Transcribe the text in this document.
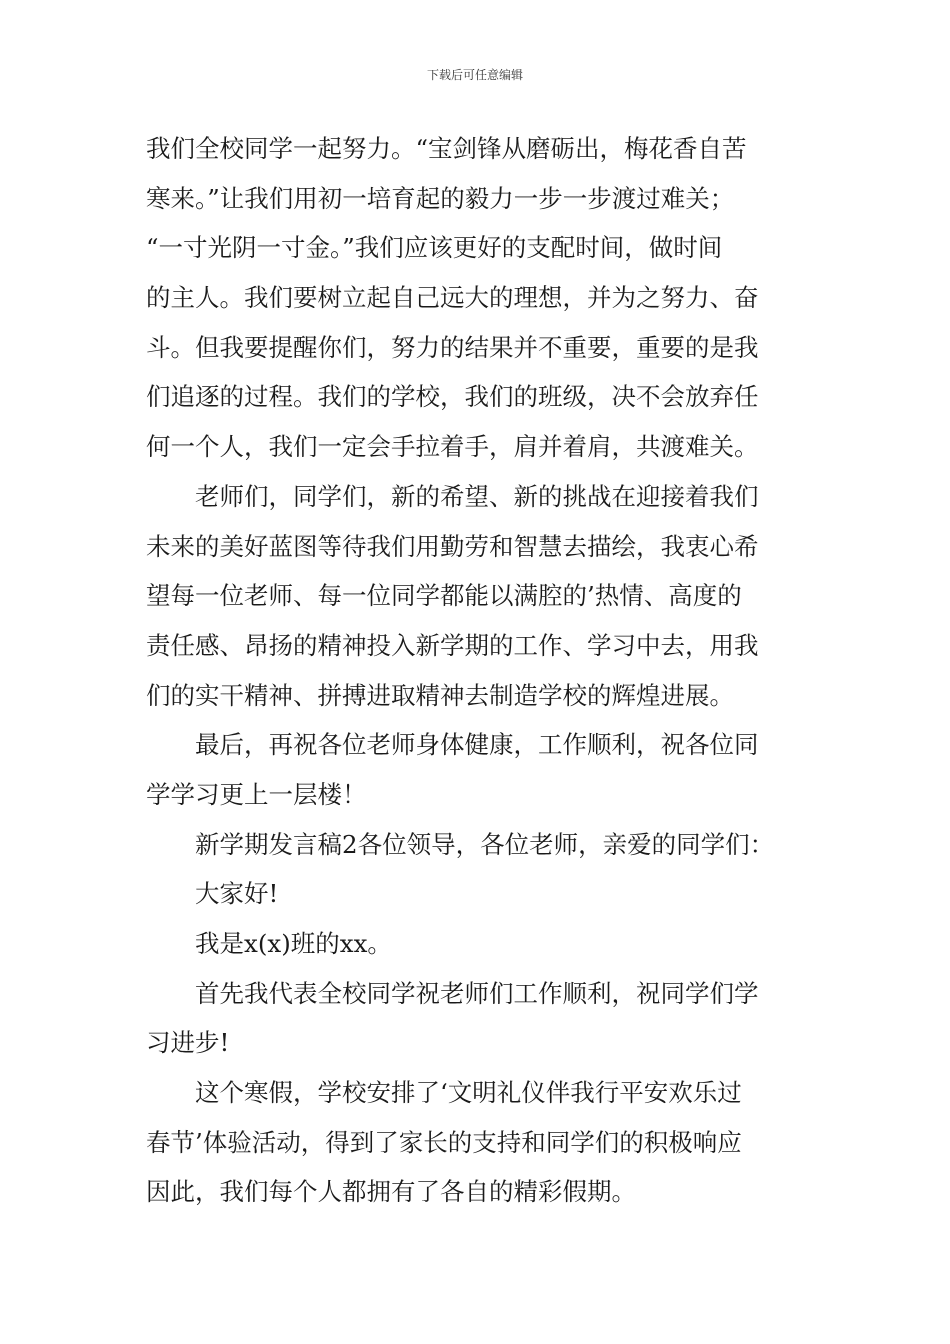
下载后可任意编辑
我们全校同学一起努力。“宝剑锋从磨砺出，梅花香自苦
寒来。”让我们用初一培育起的毅力一步一步渡过难关；
“一寸光阴一寸金。”我们应该更好的支配时间，做时间
的主人。我们要树立起自己远大的理想，并为之努力、奋
斗。但我要提醒你们，努力的结果并不重要，重要的是我
们追逐的过程。我们的学校，我们的班级，决不会放弃任
何一个人，我们一定会手拉着手，肩并着肩，共渡难关。
老师们，同学们，新的希望、新的挑战在迎接着我们
未来的美好蓝图等待我们用勤劳和智慧去描绘，我衷心希
望每一位老师、每一位同学都能以满腔的’热情、高度的
责任感、昂扬的精神投入新学期的工作、学习中去，用我
们的实干精神、拼搏进取精神去制造学校的辉煌进展。
最后，再祝各位老师身体健康，工作顺利，祝各位同
学学习更上一层楼！
新学期发言稿2各位领导，各位老师，亲爱的同学们：
大家好!
我是x(x)班的xx。
首先我代表全校同学祝老师们工作顺利，祝同学们学
习进步!
这个寒假，学校安排了‘文明礼仪伴我行平安欢乐过
春节’体验活动，得到了家长的支持和同学们的积极响应
因此，我们每个人都拥有了各自的精彩假期。
